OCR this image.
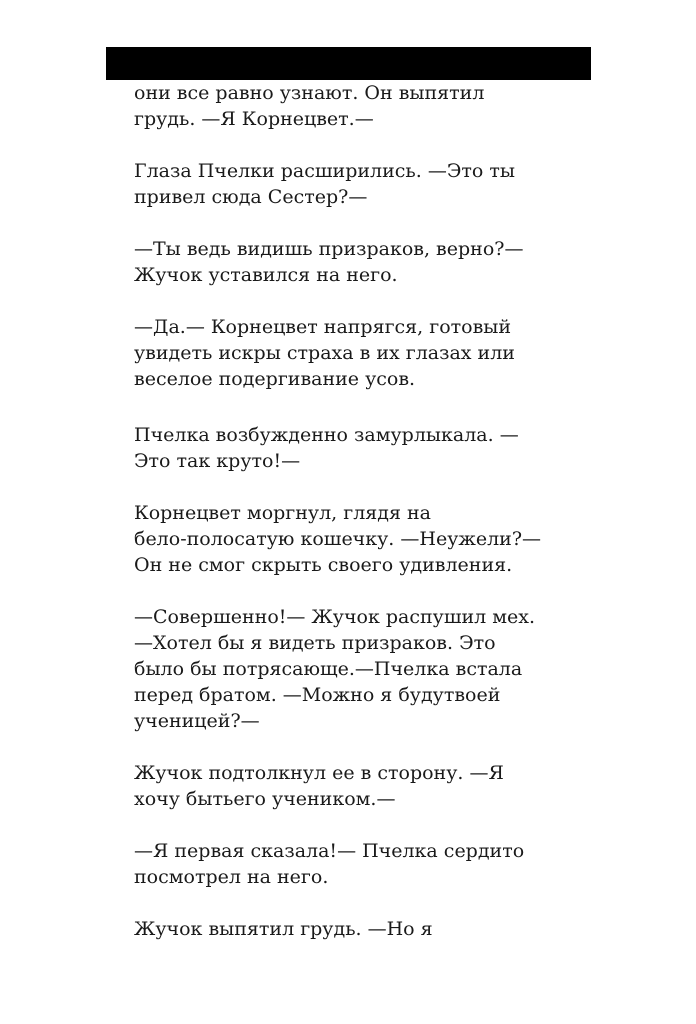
они все равно узнают. Он выпятил
грудь. —Я Корнецвет.—

Глаза Пчелки расширились. —Это ты
привел сюда Сестер?—

—Ты ведь видишь призраков, верно?—
Жучок уставился на него.

—Да.— Корнецвет напрягся, готовый
увидеть искры страха в их глазах или
веселое подергивание усов.

Пчелка возбужденно замурлыкала. —
Это так круто!—

Корнецвет моргнул, глядя на
бело-полосатую кошечку. —Неужели?—
Он не смог скрыть своего удивления.

—Совершенно!— Жучок распушил мех.
—Хотел бы я видеть призраков. Это
было бы потрясающе.—Пчелка встала
перед братом. —Можно я будутвоей
ученицей?—

Жучок подтолкнул ее в сторону. —Я
хочу бытьего учеником.—

—Я первая сказала!— Пчелка сердито
посмотрел на него.

Жучок выпятил грудь. —Но я
